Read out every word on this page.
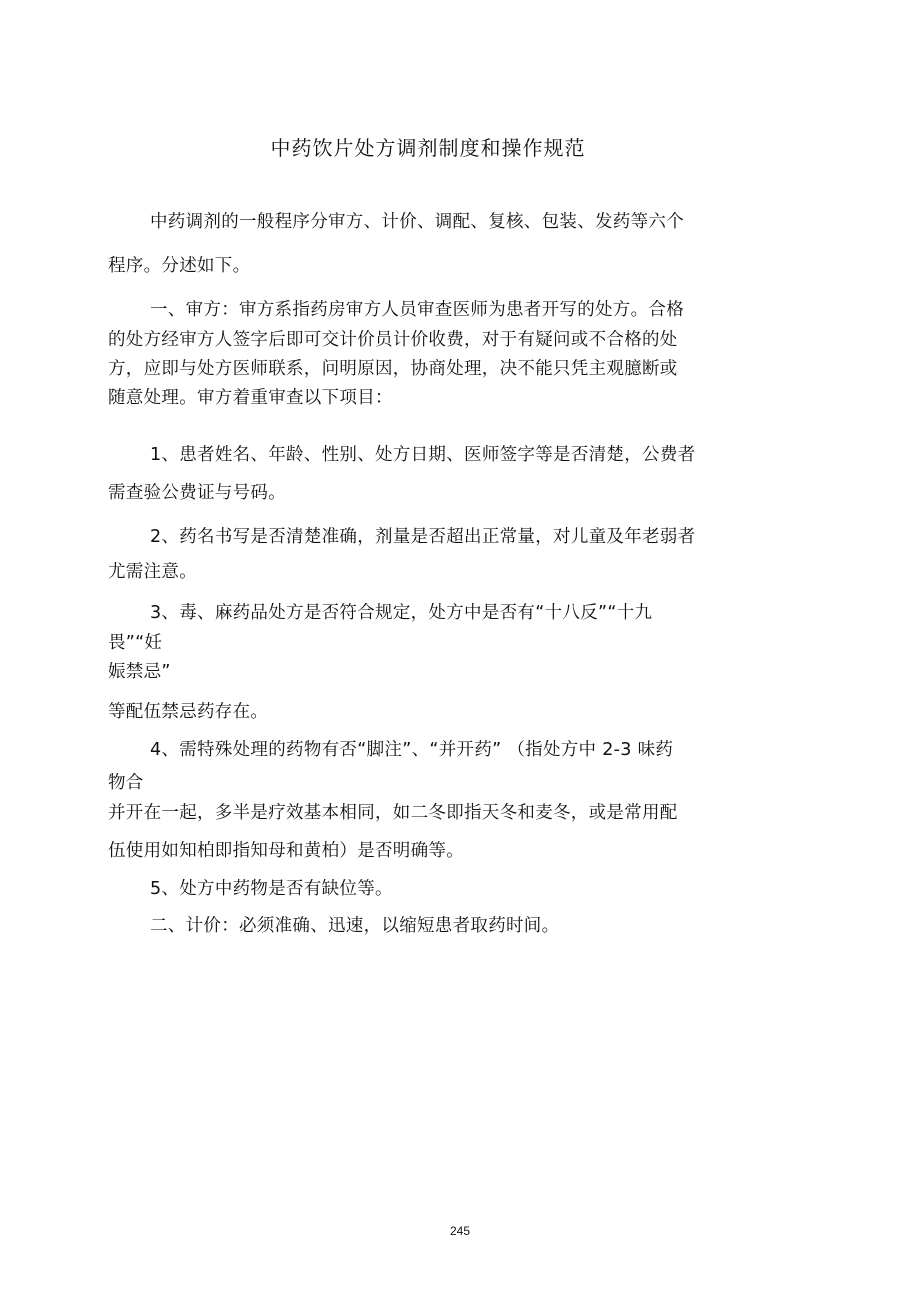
中药饮片处方调剂制度和操作规范
中药调剂的一般程序分审方、计价、调配、复核、包装、发药等六个
程序。分述如下。
一、审方：审方系指药房审方人员审查医师为患者开写的处方。合格
的处方经审方人签字后即可交计价员计价收费，对于有疑问或不合格的处
方，应即与处方医师联系，问明原因，协商处理，决不能只凭主观臆断或
随意处理。审方着重审查以下项目：
1、患者姓名、年龄、性别、处方日期、医师签字等是否清楚，公费者
需查验公费证与号码。
2、药名书写是否清楚准确，剂量是否超出正常量，对儿童及年老弱者
尤需注意。
3、毒、麻药品处方是否符合规定，处方中是否有“十八反”“十九
畏”“妊
娠禁忌”
等配伍禁忌药存在。
4、需特殊处理的药物有否“脚注”、“并开药” （指处方中 2-3 味药
物合
并开在一起，多半是疗效基本相同，如二冬即指天冬和麦冬，或是常用配
伍使用如知柏即指知母和黄柏）是否明确等。
5、处方中药物是否有缺位等。
二、计价：必须准确、迅速，以缩短患者取药时间。
245
